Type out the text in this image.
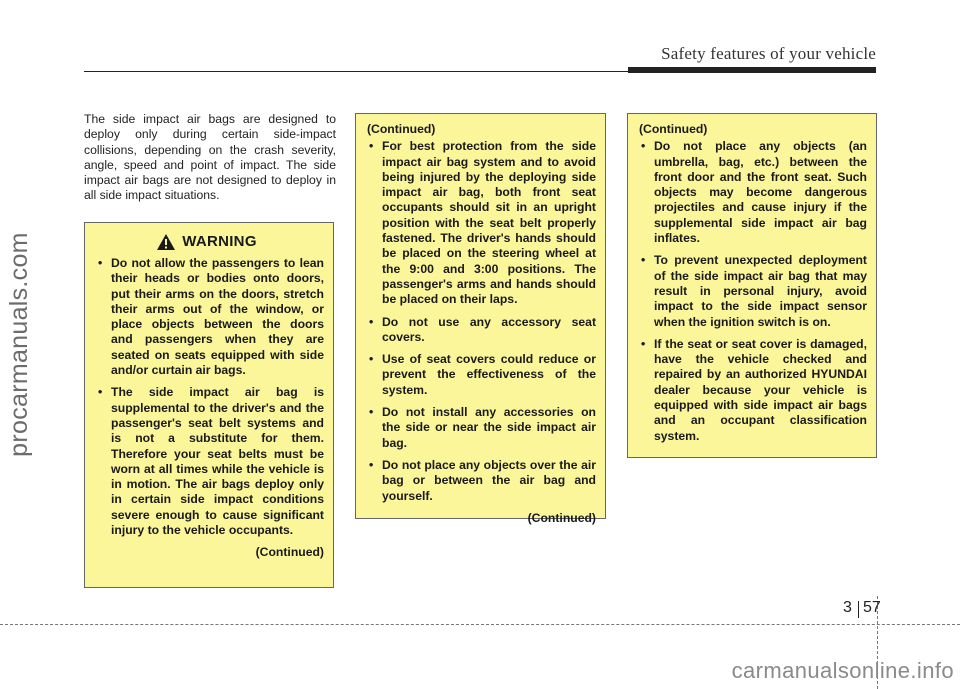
Safety features of your vehicle
procarmanuals.com

The side impact air bags are designed to deploy only during certain side-impact collisions, depending on the crash severity, angle, speed and point of impact. The side impact air bags are not designed to deploy in all side impact situations.

WARNING
• Do not allow the passengers to lean their heads or bodies onto doors, put their arms on the doors, stretch their arms out of the window, or place objects between the doors and passengers when they are seated on seats equipped with side and/or curtain air bags.
• The side impact air bag is supplemental to the driver's and the passenger's seat belt systems and is not a substitute for them. Therefore your seat belts must be worn at all times while the vehicle is in motion. The air bags deploy only in certain side impact conditions severe enough to cause significant injury to the vehicle occupants.

(Continued)

(Continued)

• For best protection from the side impact air bag system and to avoid being injured by the deploying side impact air bag, both front seat occupants should sit in an upright position with the seat belt properly fastened. The driver's hands should be placed on the steering wheel at the 9:00 and 3:00 positions. The passenger's arms and hands should be placed on their laps.
• Do not use any accessory seat covers.
• Use of seat covers could reduce or prevent the effectiveness of the system.
• Do not install any accessories on the side or near the side impact air bag.
• Do not place any objects over the air bag or between the air bag and yourself.

(Continued)

(Continued)

• Do not place any objects (an umbrella, bag, etc.) between the front door and the front seat. Such objects may become dangerous projectiles and cause injury if the supplemental side impact air bag inflates.
• To prevent unexpected deployment of the side impact air bag that may result in personal injury, avoid impact to the side impact sensor when the ignition switch is on.
• If the seat or seat cover is damaged, have the vehicle checked and repaired by an authorized HYUNDAI dealer because your vehicle is equipped with side impact air bags and an occupant classification system.
3 57
carmanualsonline.info
